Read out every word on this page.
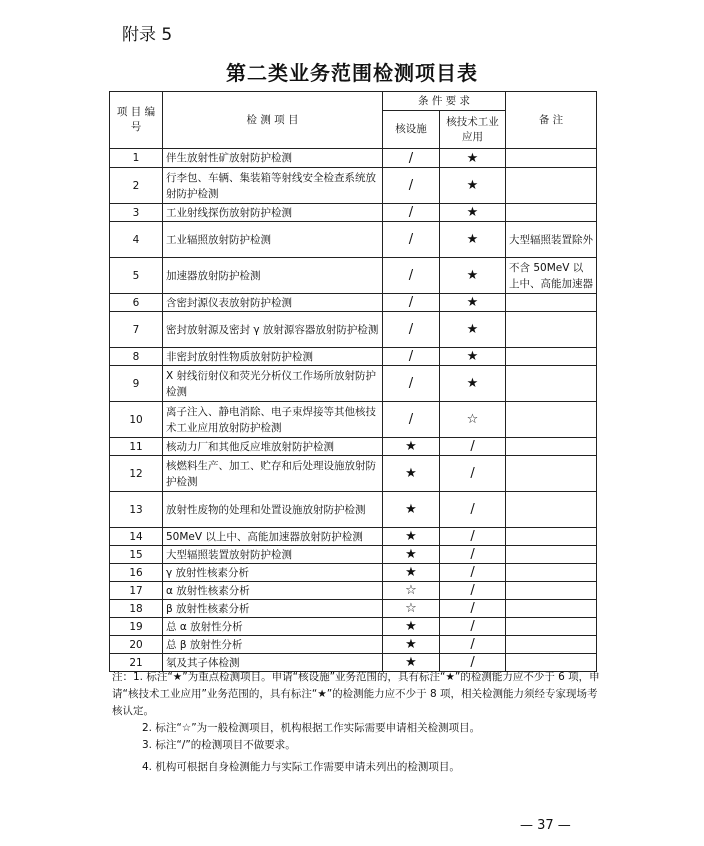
附录 5
第二类业务范围检测项目表
项 目 编 号	检 测 项 目	条 件 要 求		备 注
		核设施	核技术工业应用	
1	伴生放射性矿放射防护检测	/	★	
2	行李包、车辆、集装箱等射线安全检查系统放射防护检测	/	★	
3	工业射线探伤放射防护检测	/	★	
4	工业辐照放射防护检测	/	★	大型辐照装置除外
5	加速器放射防护检测	/	★	不含 50MeV 以上中、高能加速器
6	含密封源仪表放射防护检测	/	★	
7	密封放射源及密封 γ 放射源容器放射防护检测	/	★	
8	非密封放射性物质放射防护检测	/	★	
9	X 射线衍射仪和荧光分析仪工作场所放射防护检测	/	★	
10	离子注入、静电消除、电子束焊接等其他核技术工业应用放射防护检测	/	☆	
11	核动力厂和其他反应堆放射防护检测	★	/	
12	核燃料生产、加工、贮存和后处理设施放射防护检测	★	/	
13	放射性废物的处理和处置设施放射防护检测	★	/	
14	50MeV 以上中、高能加速器放射防护检测	★	/	
15	大型辐照装置放射防护检测	★	/	
16	γ 放射性核素分析	★	/	
17	α 放射性核素分析	☆	/	
18	β 放射性核素分析	☆	/	
19	总 α 放射性分析	★	/	
20	总 β 放射性分析	★	/	
21	氡及其子体检测	★	/	

注：1. 标注“★”为重点检测项目。申请“核设施”业务范围的，具有标注“★”的检测能力应不少于 6 项，申请“核技术工业应用”业务范围的，具有标注“★”的检测能力应不少于 8 项，相关检测能力须经专家现场考核认定。

2. 标注“☆”为一般检测项目，机构根据工作实际需要申请相关检测项目。

3. 标注“/”的检测项目不做要求。

4. 机构可根据自身检测能力与实际工作需要申请未列出的检测项目。

— 37 —
